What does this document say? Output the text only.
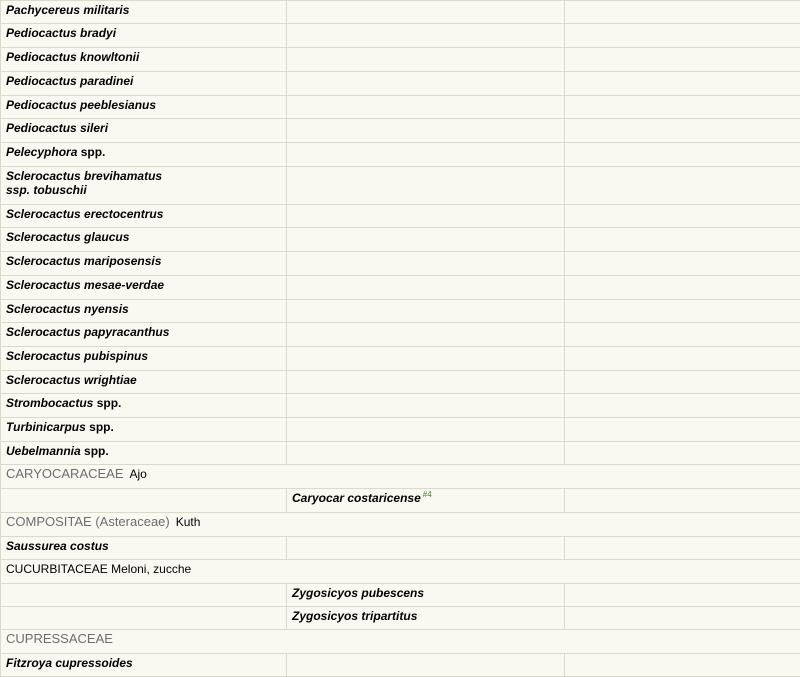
Pachycereus militaris		
Pediocactus bradyi		
Pediocactus knowltonii		
Pediocactus paradinei		
Pediocactus peeblesianus		
Pediocactus sileri		
Pelecyphora spp.		
Sclerocactus brevihamatus
ssp. tobuschii		
Sclerocactus erectocentrus		
Sclerocactus glaucus		
Sclerocactus mariposensis		
Sclerocactus mesae-verdae		
Sclerocactus nyensis		
Sclerocactus papyracanthus		
Sclerocactus pubispinus		
Sclerocactus wrightiae		
Strombocactus spp.		
Turbinicarpus spp.		
Uebelmannia spp.		
CARYOCARACEAE Ajo		
	Caryocar costaricense $^{\#4}$	
COMPOSITAE (Asteraceae) Kuth		
Saussurea costus		
CUCURBITACEAE Meloni, zucche		
	Zygosicyos pubescens	
	Zygosicyos tripartitus	
CUPRESSACEAE		
Fitzroya cupressoides		
